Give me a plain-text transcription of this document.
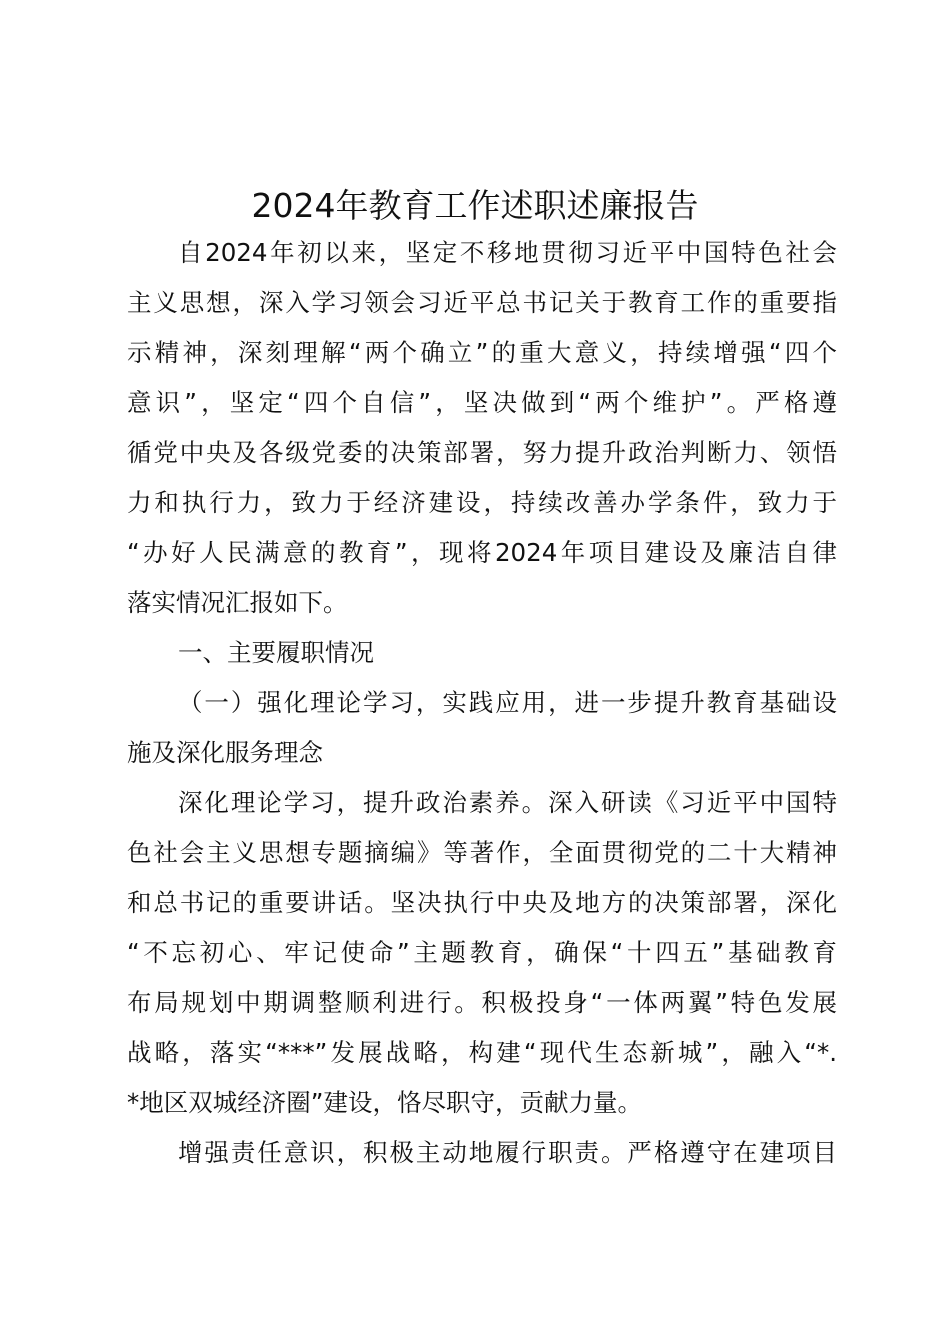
2024年教育工作述职述廉报告
自2024年初以来，坚定不移地贯彻习近平中国特色社会
主义思想，深入学习领会习近平总书记关于教育工作的重要指
示精神，深刻理解“两个确立”的重大意义，持续增强“四个
意识”，坚定“四个自信”，坚决做到“两个维护”。严格遵
循党中央及各级党委的决策部署，努力提升政治判断力、领悟
力和执行力，致力于经济建设，持续改善办学条件，致力于
“办好人民满意的教育”，现将2024年项目建设及廉洁自律
落实情况汇报如下。
一、主要履职情况
（一）强化理论学习，实践应用，进一步提升教育基础设
施及深化服务理念
深化理论学习，提升政治素养。深入研读《习近平中国特
色社会主义思想专题摘编》等著作，全面贯彻党的二十大精神
和总书记的重要讲话。坚决执行中央及地方的决策部署，深化
“不忘初心、牢记使命”主题教育，确保“十四五”基础教育
布局规划中期调整顺利进行。积极投身“一体两翼”特色发展
战略，落实“***”发展战略，构建“现代生态新城”，融入“*.
*地区双城经济圈”建设，恪尽职守，贡献力量。
增强责任意识，积极主动地履行职责。严格遵守在建项目
